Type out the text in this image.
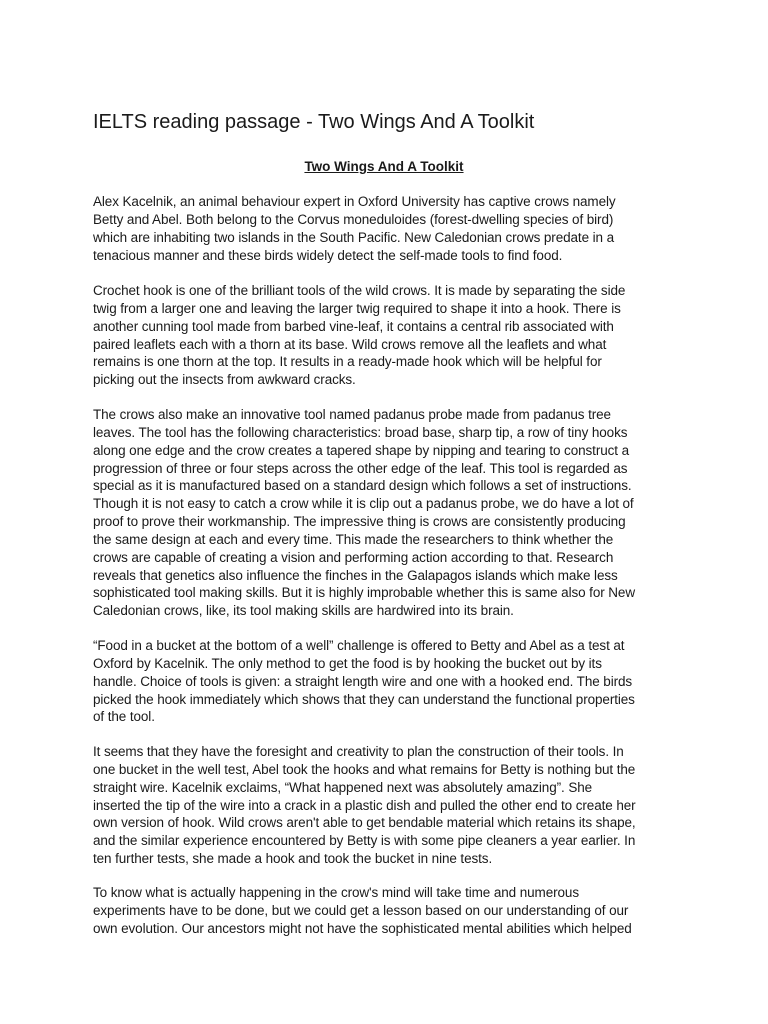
IELTS reading passage - Two Wings And A Toolkit
Two Wings And A Toolkit

Alex Kacelnik, an animal behaviour expert in Oxford University has captive crows namely
Betty and Abel. Both belong to the Corvus moneduloides (forest-dwelling species of bird)
which are inhabiting two islands in the South Pacific. New Caledonian crows predate in a
tenacious manner and these birds widely detect the self-made tools to find food.

Crochet hook is one of the brilliant tools of the wild crows. It is made by separating the side
twig from a larger one and leaving the larger twig required to shape it into a hook. There is
another cunning tool made from barbed vine-leaf, it contains a central rib associated with
paired leaflets each with a thorn at its base. Wild crows remove all the leaflets and what
remains is one thorn at the top. It results in a ready-made hook which will be helpful for
picking out the insects from awkward cracks.

The crows also make an innovative tool named padanus probe made from padanus tree
leaves. The tool has the following characteristics: broad base, sharp tip, a row of tiny hooks
along one edge and the crow creates a tapered shape by nipping and tearing to construct a
progression of three or four steps across the other edge of the leaf. This tool is regarded as
special as it is manufactured based on a standard design which follows a set of instructions.
Though it is not easy to catch a crow while it is clip out a padanus probe, we do have a lot of
proof to prove their workmanship. The impressive thing is crows are consistently producing
the same design at each and every time. This made the researchers to think whether the
crows are capable of creating a vision and performing action according to that. Research
reveals that genetics also influence the finches in the Galapagos islands which make less
sophisticated tool making skills. But it is highly improbable whether this is same also for New
Caledonian crows, like, its tool making skills are hardwired into its brain.

“Food in a bucket at the bottom of a well” challenge is offered to Betty and Abel as a test at
Oxford by Kacelnik. The only method to get the food is by hooking the bucket out by its
handle. Choice of tools is given: a straight length wire and one with a hooked end. The birds
picked the hook immediately which shows that they can understand the functional properties
of the tool.

It seems that they have the foresight and creativity to plan the construction of their tools. In
one bucket in the well test, Abel took the hooks and what remains for Betty is nothing but the
straight wire. Kacelnik exclaims, “What happened next was absolutely amazing”. She
inserted the tip of the wire into a crack in a plastic dish and pulled the other end to create her
own version of hook. Wild crows aren't able to get bendable material which retains its shape,
and the similar experience encountered by Betty is with some pipe cleaners a year earlier. In
ten further tests, she made a hook and took the bucket in nine tests.

To know what is actually happening in the crow's mind will take time and numerous
experiments have to be done, but we could get a lesson based on our understanding of our
own evolution. Our ancestors might not have the sophisticated mental abilities which helped
